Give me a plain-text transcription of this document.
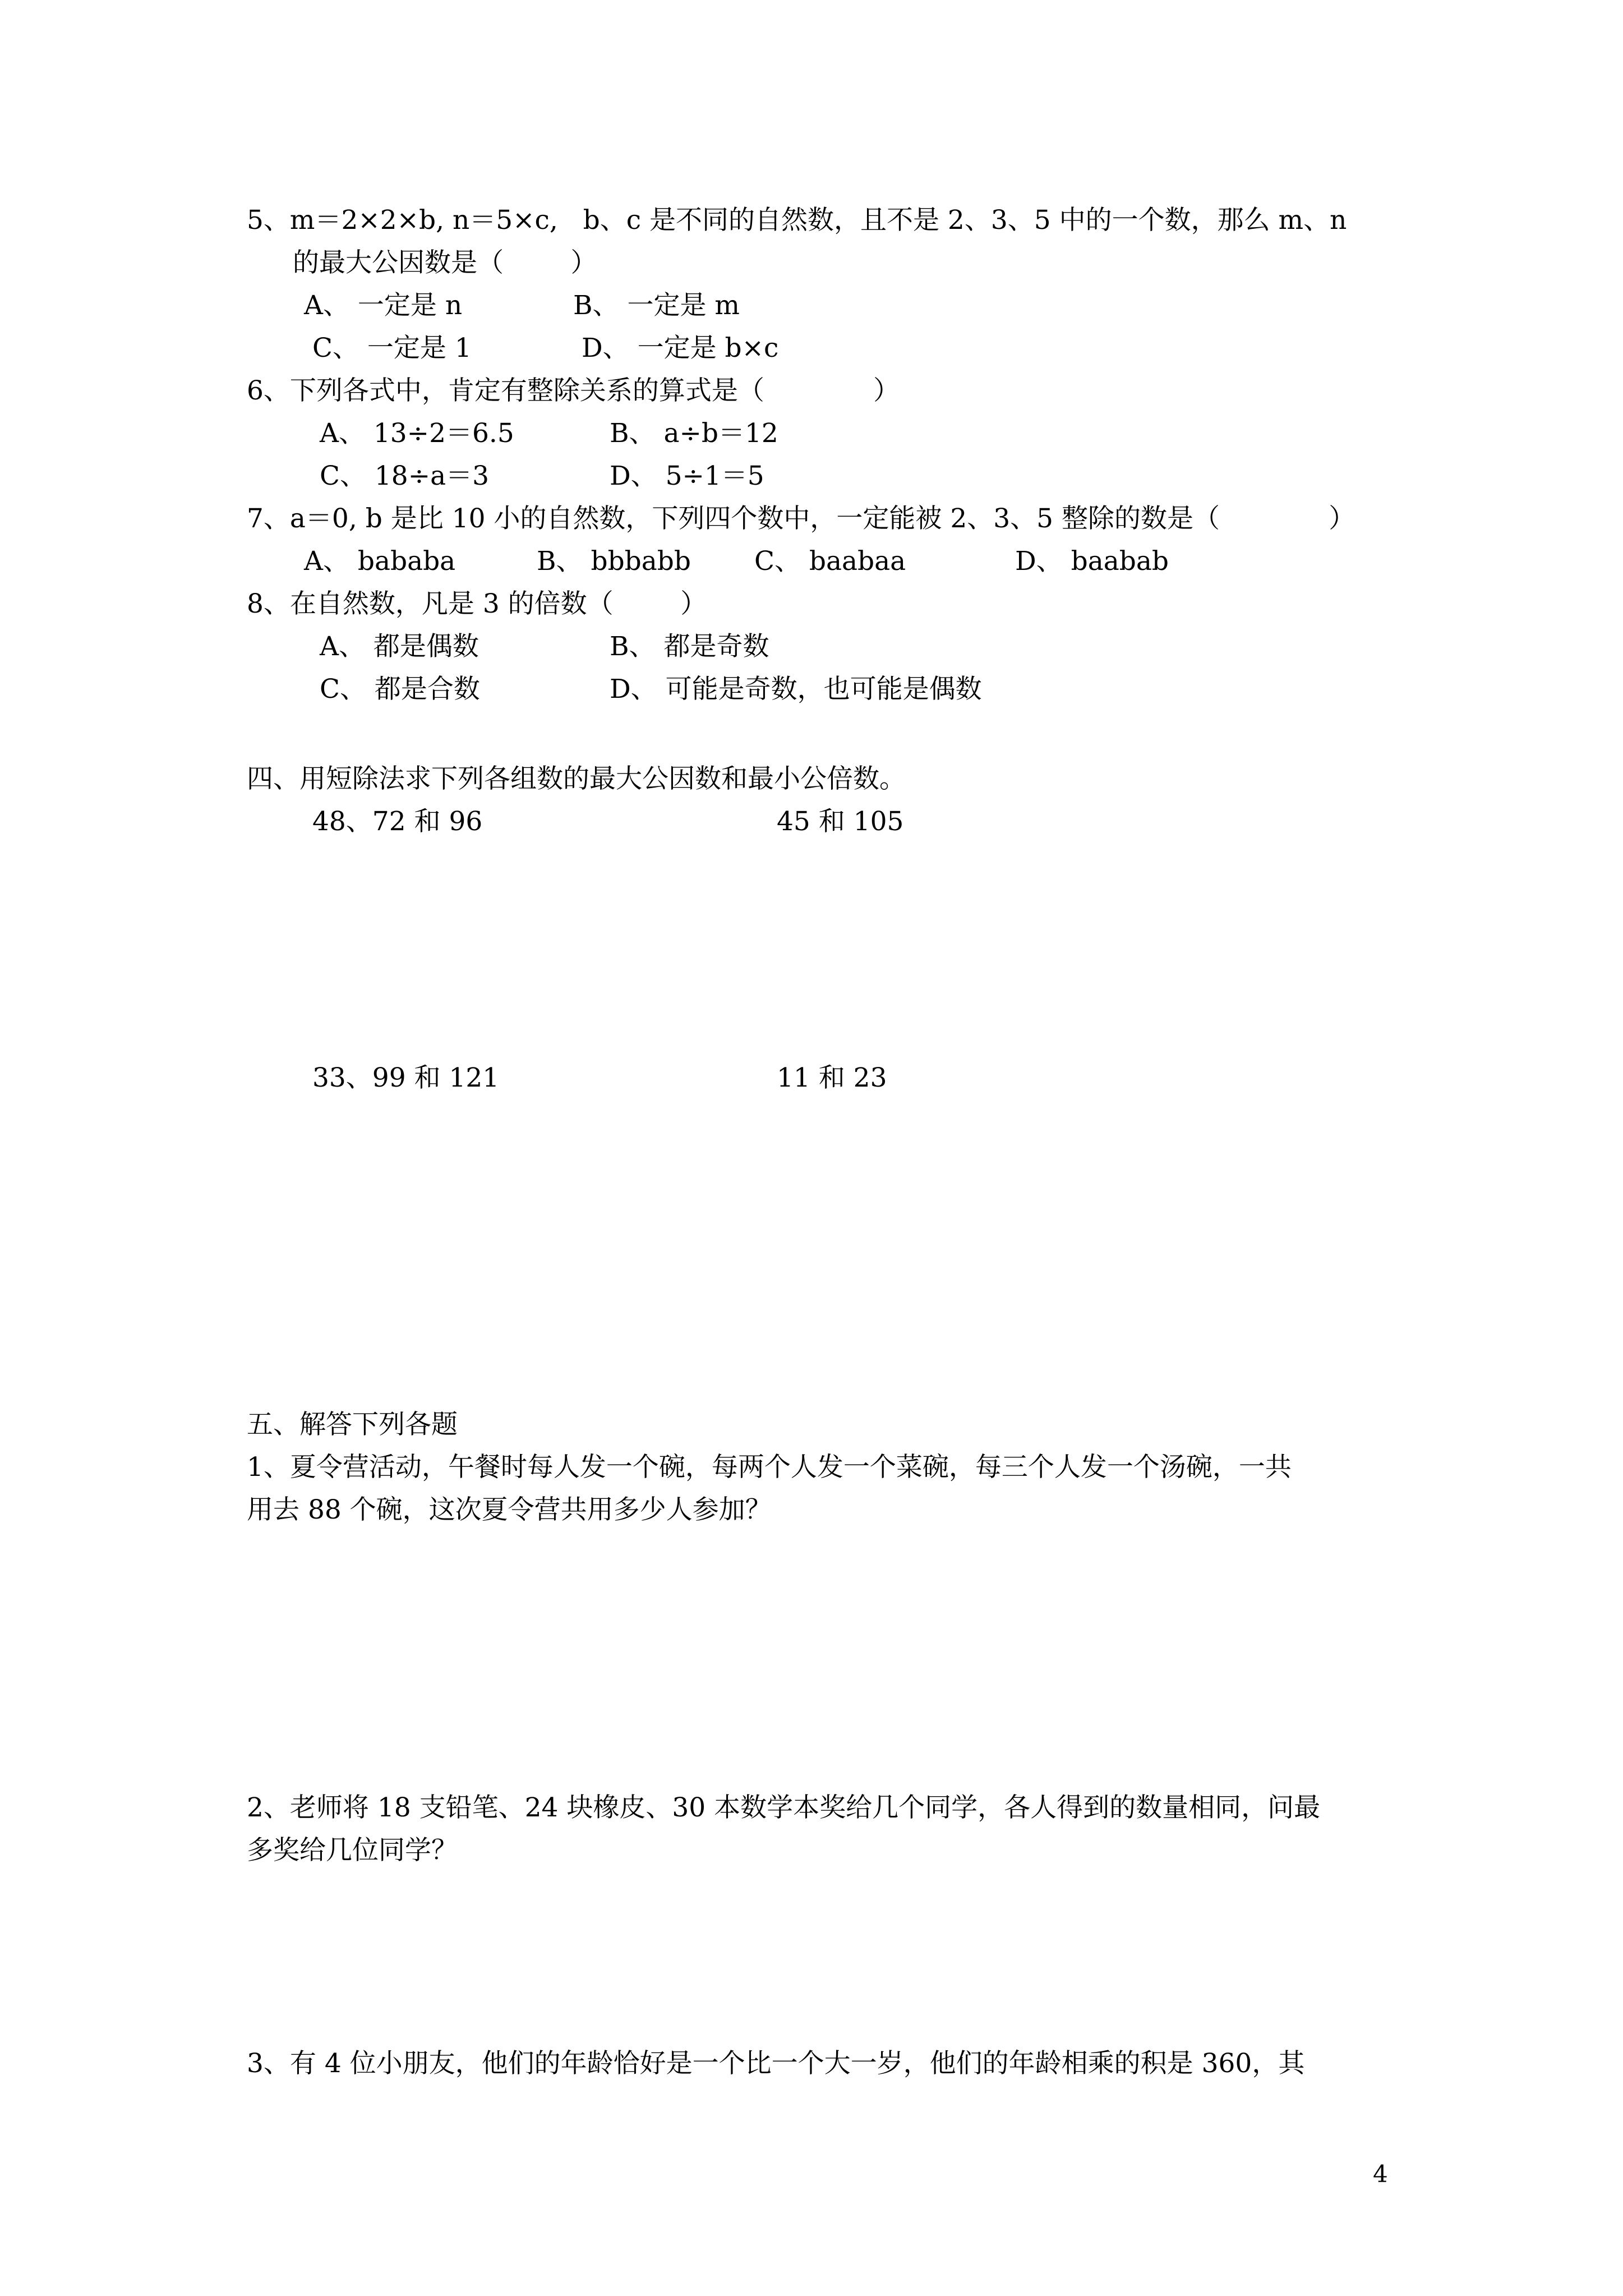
5、m＝2×2×b, n＝5×c,   b、c 是不同的自然数，且不是 2、3、5 中的一个数，那么 m、n

的最大公因数是（        ）

A、 一定是 n	B、 一定是 m

C、 一定是 1	D、 一定是 b×c

6、下列各式中，肯定有整除关系的算式是（             ）

A、 13÷2＝6.5	B、 a÷b＝12

C、 18÷a＝3	D、 5÷1＝5

7、a＝0, b 是比 10 小的自然数，下列四个数中，一定能被 2、3、5 整除的数是（             ）

A、 bababa	B、 bbbabb C、 baabaa	D、 baabab

8、在自然数，凡是 3 的倍数（        ）

A、 都是偶数	B、 都是奇数

C、 都是合数	D、 可能是奇数，也可能是偶数

四、用短除法求下列各组数的最大公因数和最小公倍数。

48、72 和 96	45 和 105

33、99 和 121	11 和 23

五、解答下列各题

1、夏令营活动，午餐时每人发一个碗，每两个人发一个菜碗，每三个人发一个汤碗，一共

用去 88 个碗，这次夏令营共用多少人参加？

2、老师将 18 支铅笔、24 块橡皮、30 本数学本奖给几个同学，各人得到的数量相同，问最

多奖给几位同学？

3、有 4 位小朋友，他们的年龄恰好是一个比一个大一岁，他们的年龄相乘的积是 360，其

4
